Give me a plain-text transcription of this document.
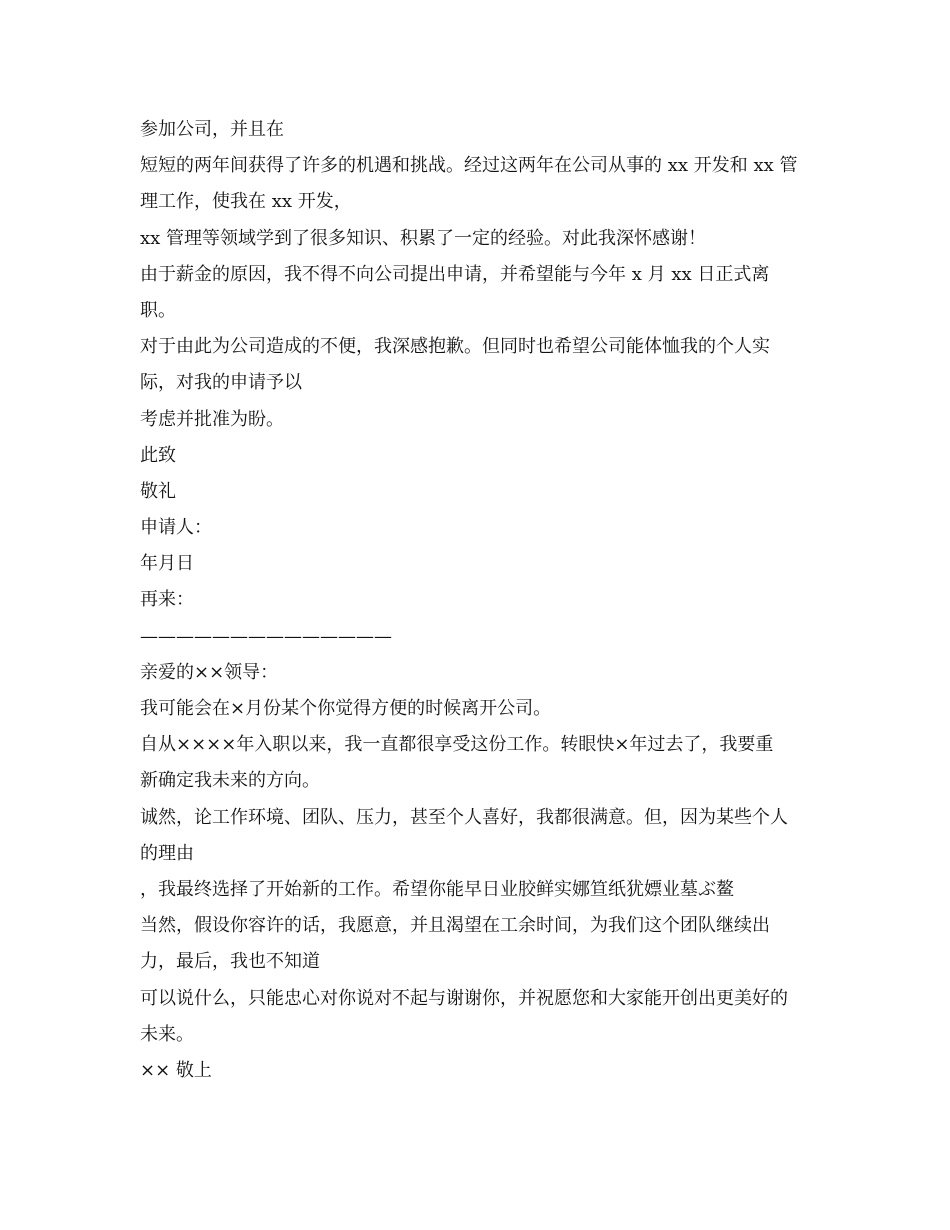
参加公司，并且在
短短的两年间获得了许多的机遇和挑战。经过这两年在公司从事的 xx 开发和 xx 管
理工作，使我在 xx 开发，
xx 管理等领域学到了很多知识、积累了一定的经验。对此我深怀感谢！
由于薪金的原因，我不得不向公司提出申请，并希望能与今年 x 月 xx 日正式离
职。
对于由此为公司造成的不便，我深感抱歉。但同时也希望公司能体恤我的个人实
际，对我的申请予以
考虑并批准为盼。
此致
敬礼
申请人：
年月日
再来：
——————————————
亲爱的××领导：
我可能会在×月份某个你觉得方便的时候离开公司。
自从××××年入职以来，我一直都很享受这份工作。转眼快×年过去了，我要重
新确定我未来的方向。
诚然，论工作环境、团队、压力，甚至个人喜好，我都很满意。但，因为某些个人
的理由
，我最终选择了开始新的工作。希望你能早日业胶鲜实娜笪纸犹嫖业墓ぶ鳌
当然，假设你容许的话，我愿意，并且渴望在工余时间，为我们这个团队继续出
力，最后，我也不知道
可以说什么，只能忠心对你说对不起与谢谢你，并祝愿您和大家能开创出更美好的
未来。
×× 敬上
